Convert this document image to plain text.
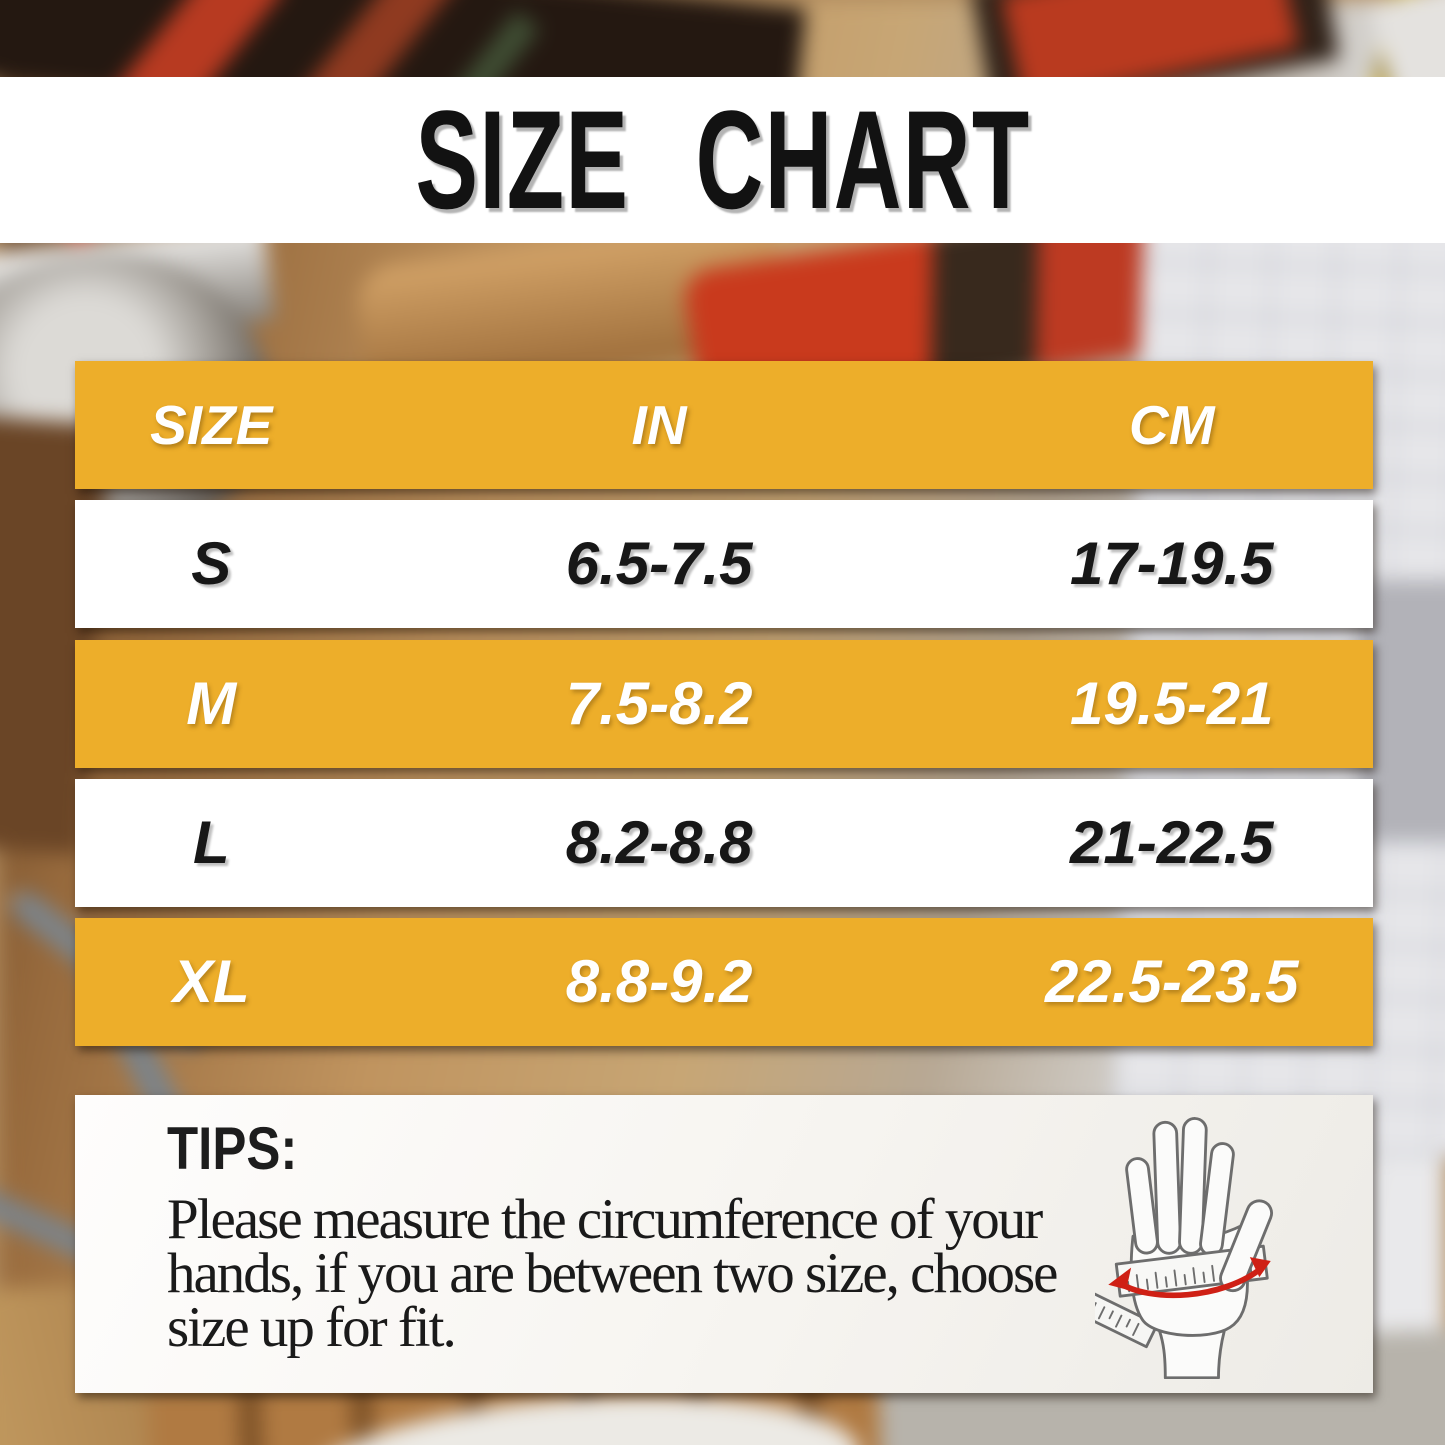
SIZE CHART
SIZE	IN	CM
S	6.5-7.5	17-19.5
M	7.5-8.2	19.5-21
L	8.2-8.8	21-22.5
XL	8.8-9.2	22.5-23.5
TIPS:

Please measure the circumference of your
hands, if you are between two size, choose
size up for fit.
